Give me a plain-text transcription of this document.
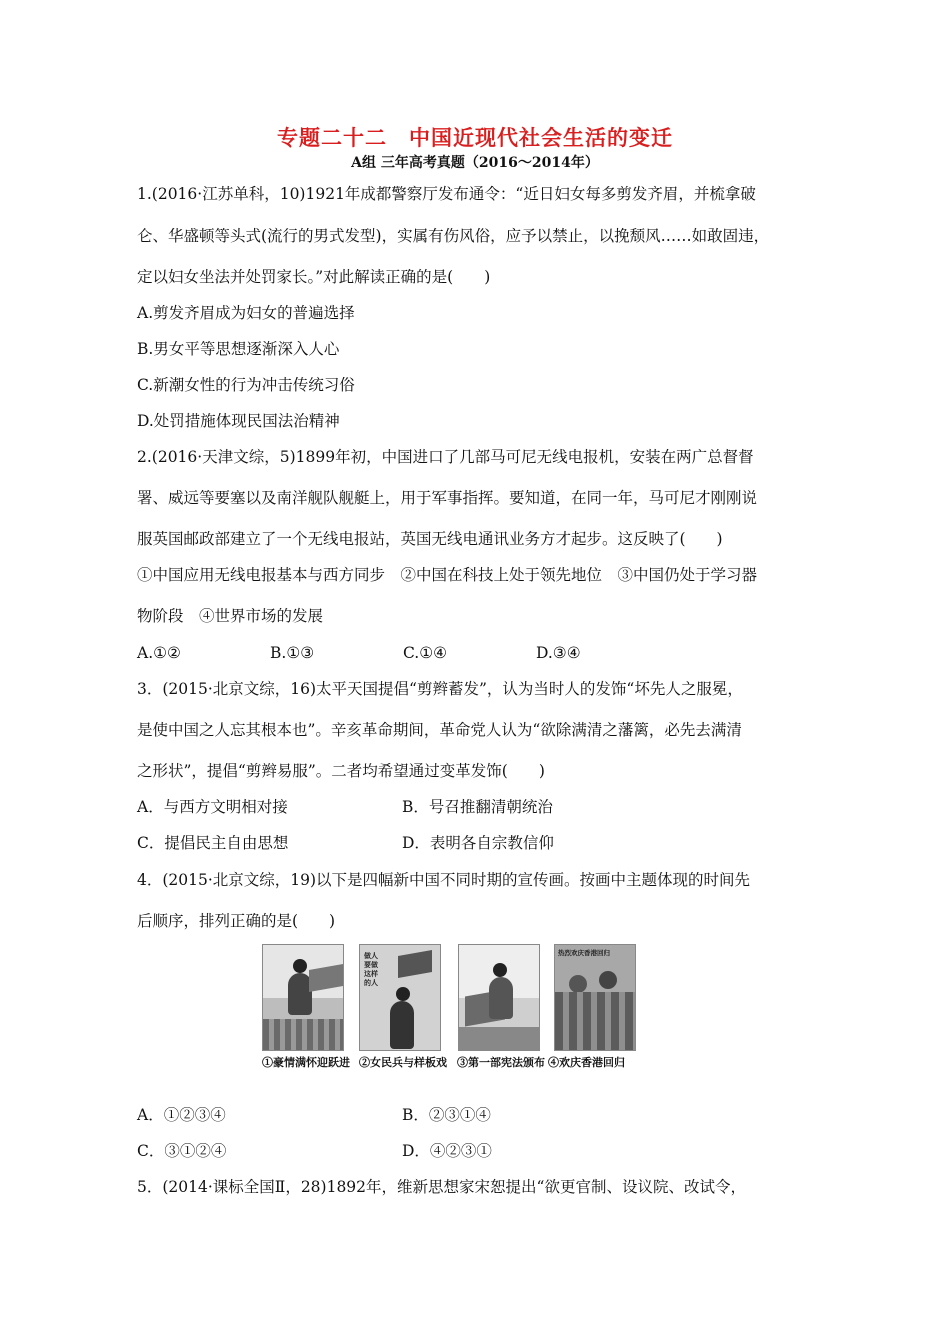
专题二十二　中国近现代社会生活的变迁
A组 三年高考真题（2016～2014年）
1.(2016·江苏单科，10)1921年成都警察厅发布通令：“近日妇女每多剪发齐眉，并梳拿破
仑、华盛顿等头式(流行的男式发型)，实属有伤风俗，应予以禁止，以挽颓风……如敢固违，
定以妇女坐法并处罚家长。”对此解读正确的是(　　)
A.剪发齐眉成为妇女的普遍选择
B.男女平等思想逐渐深入人心
C.新潮女性的行为冲击传统习俗
D.处罚措施体现民国法治精神
2.(2016·天津文综，5)1899年初，中国进口了几部马可尼无线电报机，安装在两广总督督
署、威远等要塞以及南洋舰队舰艇上，用于军事指挥。要知道，在同一年，马可尼才刚刚说
服英国邮政部建立了一个无线电报站，英国无线电通讯业务方才起步。这反映了(　　)
①中国应用无线电报基本与西方同步　②中国在科技上处于领先地位　③中国仍处于学习器
物阶段　④世界市场的发展
A.①②	B.①③	C.①④	D.③④
3．(2015·北京文综，16)太平天国提倡“剪辫蓄发”，认为当时人的发饰“坏先人之服冕，
是使中国之人忘其根本也”。辛亥革命期间，革命党人认为“欲除满清之藩篱，必先去满清
之形状”，提倡“剪辫易服”。二者均希望通过变革发饰(　　)
A．与西方文明相对接	B．号召推翻清朝统治
C．提倡民主自由思想	D．表明各自宗教信仰
4．(2015·北京文综，19)以下是四幅新中国不同时期的宣传画。按画中主题体现的时间先
后顺序，排列正确的是(　　)
做人要做这样的人
热烈欢庆香港回归
①豪情满怀迎跃进 ②女民兵与样板戏 ③第一部宪法颁布 ④欢庆香港回归
A．①②③④	B．②③①④
C．③①②④	D．④②③①
5．(2014·课标全国Ⅱ，28)1892年，维新思想家宋恕提出“欲更官制、设议院、改试令，
